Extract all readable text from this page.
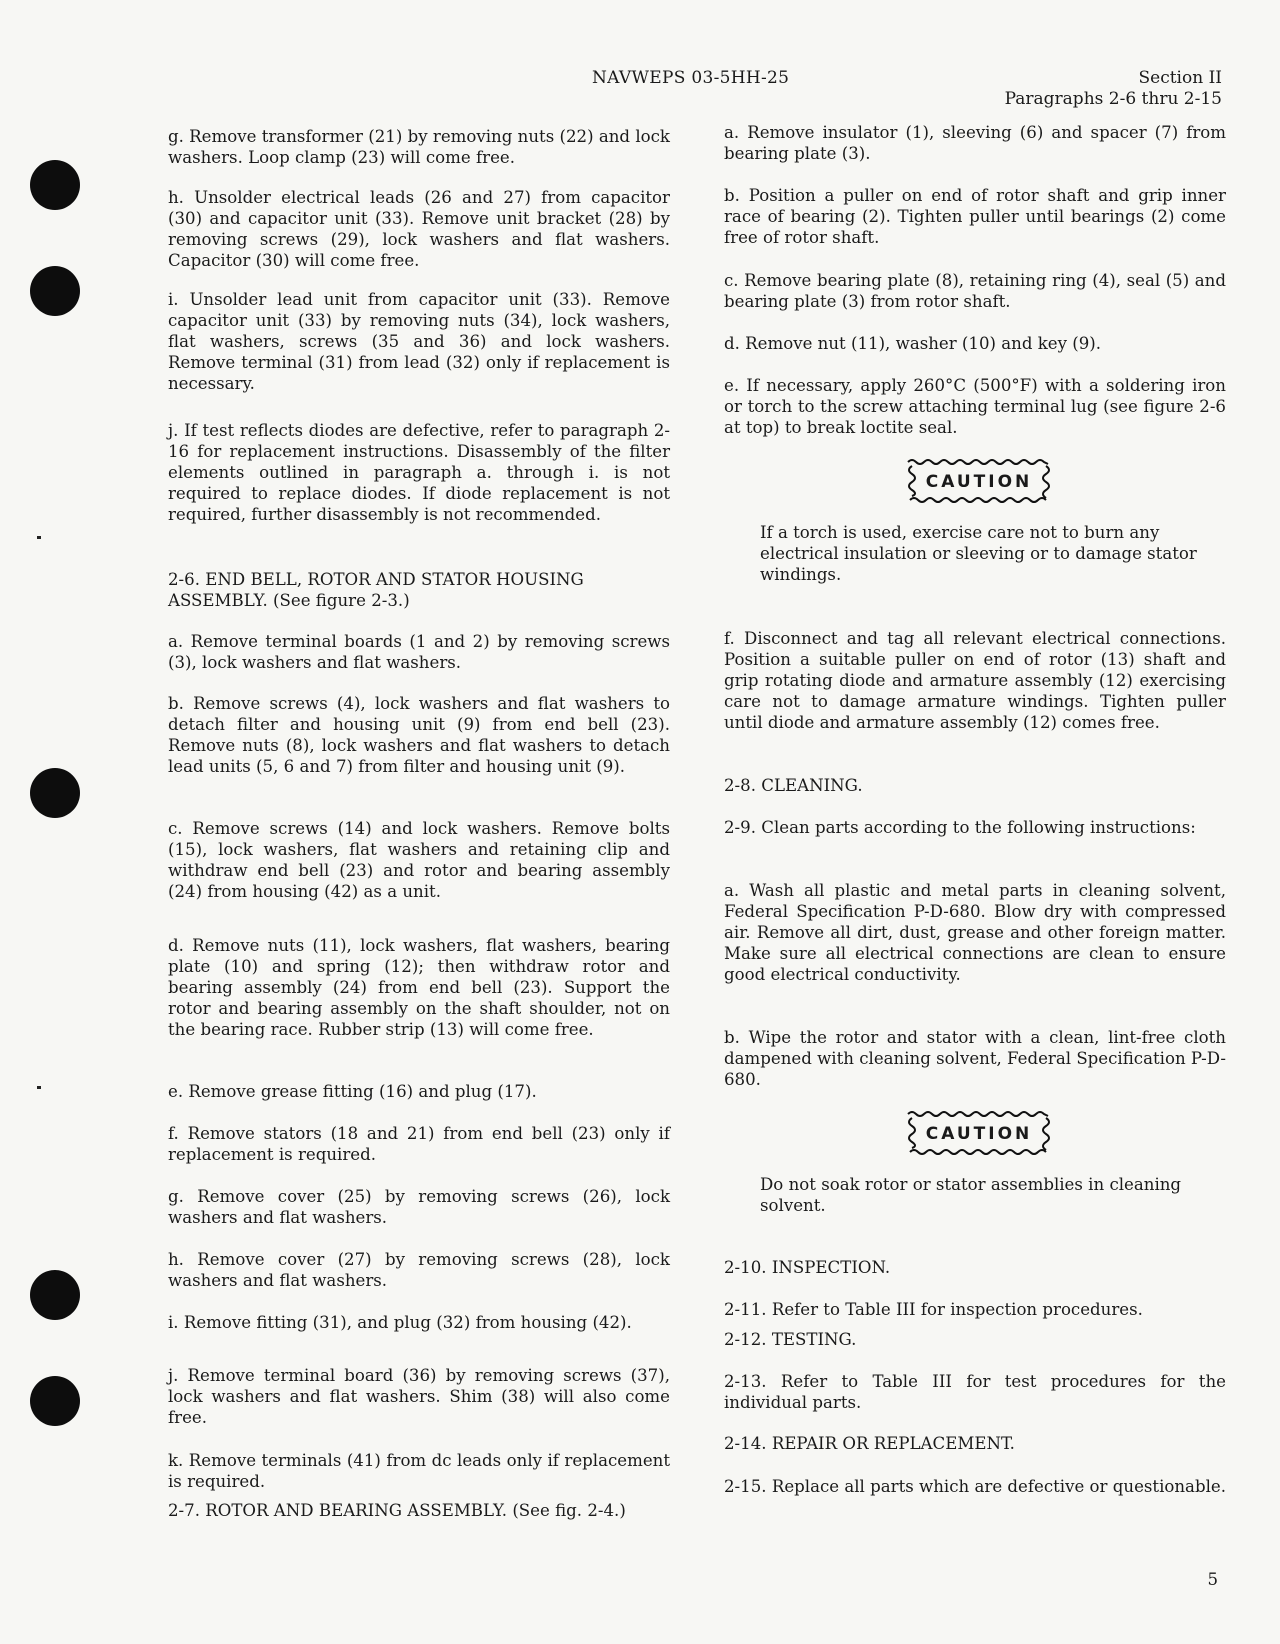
NAVWEPS 03-5HH-25	Section II
Paragraphs 2-6 thru 2-15
g. Remove transformer (21) by removing nuts (22) and lock washers. Loop clamp (23) will come free.
h. Unsolder electrical leads (26 and 27) from capacitor (30) and capacitor unit (33). Remove unit bracket (28) by removing screws (29), lock washers and flat washers. Capacitor (30) will come free.
i. Unsolder lead unit from capacitor unit (33). Remove capacitor unit (33) by removing nuts (34), lock washers, flat washers, screws (35 and 36) and lock washers. Remove terminal (31) from lead (32) only if replacement is necessary.
j. If test reflects diodes are defective, refer to paragraph 2-16 for replacement instructions. Disassembly of the filter elements outlined in paragraph a. through i. is not required to replace diodes. If diode replacement is not required, further disassembly is not recommended.
2-6. END BELL, ROTOR AND STATOR HOUSING ASSEMBLY. (See figure 2-3.)
a. Remove terminal boards (1 and 2) by removing screws (3), lock washers and flat washers.
b. Remove screws (4), lock washers and flat washers to detach filter and housing unit (9) from end bell (23). Remove nuts (8), lock washers and flat washers to detach lead units (5, 6 and 7) from filter and housing unit (9).
c. Remove screws (14) and lock washers. Remove bolts (15), lock washers, flat washers and retaining clip and withdraw end bell (23) and rotor and bearing assembly (24) from housing (42) as a unit.
d. Remove nuts (11), lock washers, flat washers, bearing plate (10) and spring (12); then withdraw rotor and bearing assembly (24) from end bell (23). Support the rotor and bearing assembly on the shaft shoulder, not on the bearing race. Rubber strip (13) will come free.
e. Remove grease fitting (16) and plug (17).
f. Remove stators (18 and 21) from end bell (23) only if replacement is required.
g. Remove cover (25) by removing screws (26), lock washers and flat washers.
h. Remove cover (27) by removing screws (28), lock washers and flat washers.
i. Remove fitting (31), and plug (32) from housing (42).
j. Remove terminal board (36) by removing screws (37), lock washers and flat washers. Shim (38) will also come free.
k. Remove terminals (41) from dc leads only if replacement is required.
2-7. ROTOR AND BEARING ASSEMBLY. (See fig. 2-4.)
a. Remove insulator (1), sleeving (6) and spacer (7) from bearing plate (3).
b. Position a puller on end of rotor shaft and grip inner race of bearing (2). Tighten puller until bearings (2) come free of rotor shaft.
c. Remove bearing plate (8), retaining ring (4), seal (5) and bearing plate (3) from rotor shaft.
d. Remove nut (11), washer (10) and key (9).
e. If necessary, apply 260°C (500°F) with a soldering iron or torch to the screw attaching terminal lug (see figure 2-6 at top) to break loctite seal.
CAUTION
If a torch is used, exercise care not to burn any electrical insulation or sleeving or to damage stator windings.
f. Disconnect and tag all relevant electrical connections. Position a suitable puller on end of rotor (13) shaft and grip rotating diode and armature assembly (12) exercising care not to damage armature windings. Tighten puller until diode and armature assembly (12) comes free.
2-8. CLEANING.
2-9. Clean parts according to the following instructions:
a. Wash all plastic and metal parts in cleaning solvent, Federal Specification P-D-680. Blow dry with compressed air. Remove all dirt, dust, grease and other foreign matter. Make sure all electrical connections are clean to ensure good electrical conductivity.
b. Wipe the rotor and stator with a clean, lint-free cloth dampened with cleaning solvent, Federal Specification P-D-680.
CAUTION
Do not soak rotor or stator assemblies in cleaning solvent.
2-10. INSPECTION.
2-11. Refer to Table III for inspection procedures.
2-12. TESTING.
2-13. Refer to Table III for test procedures for the individual parts.
2-14. REPAIR OR REPLACEMENT.
2-15. Replace all parts which are defective or questionable.
5
